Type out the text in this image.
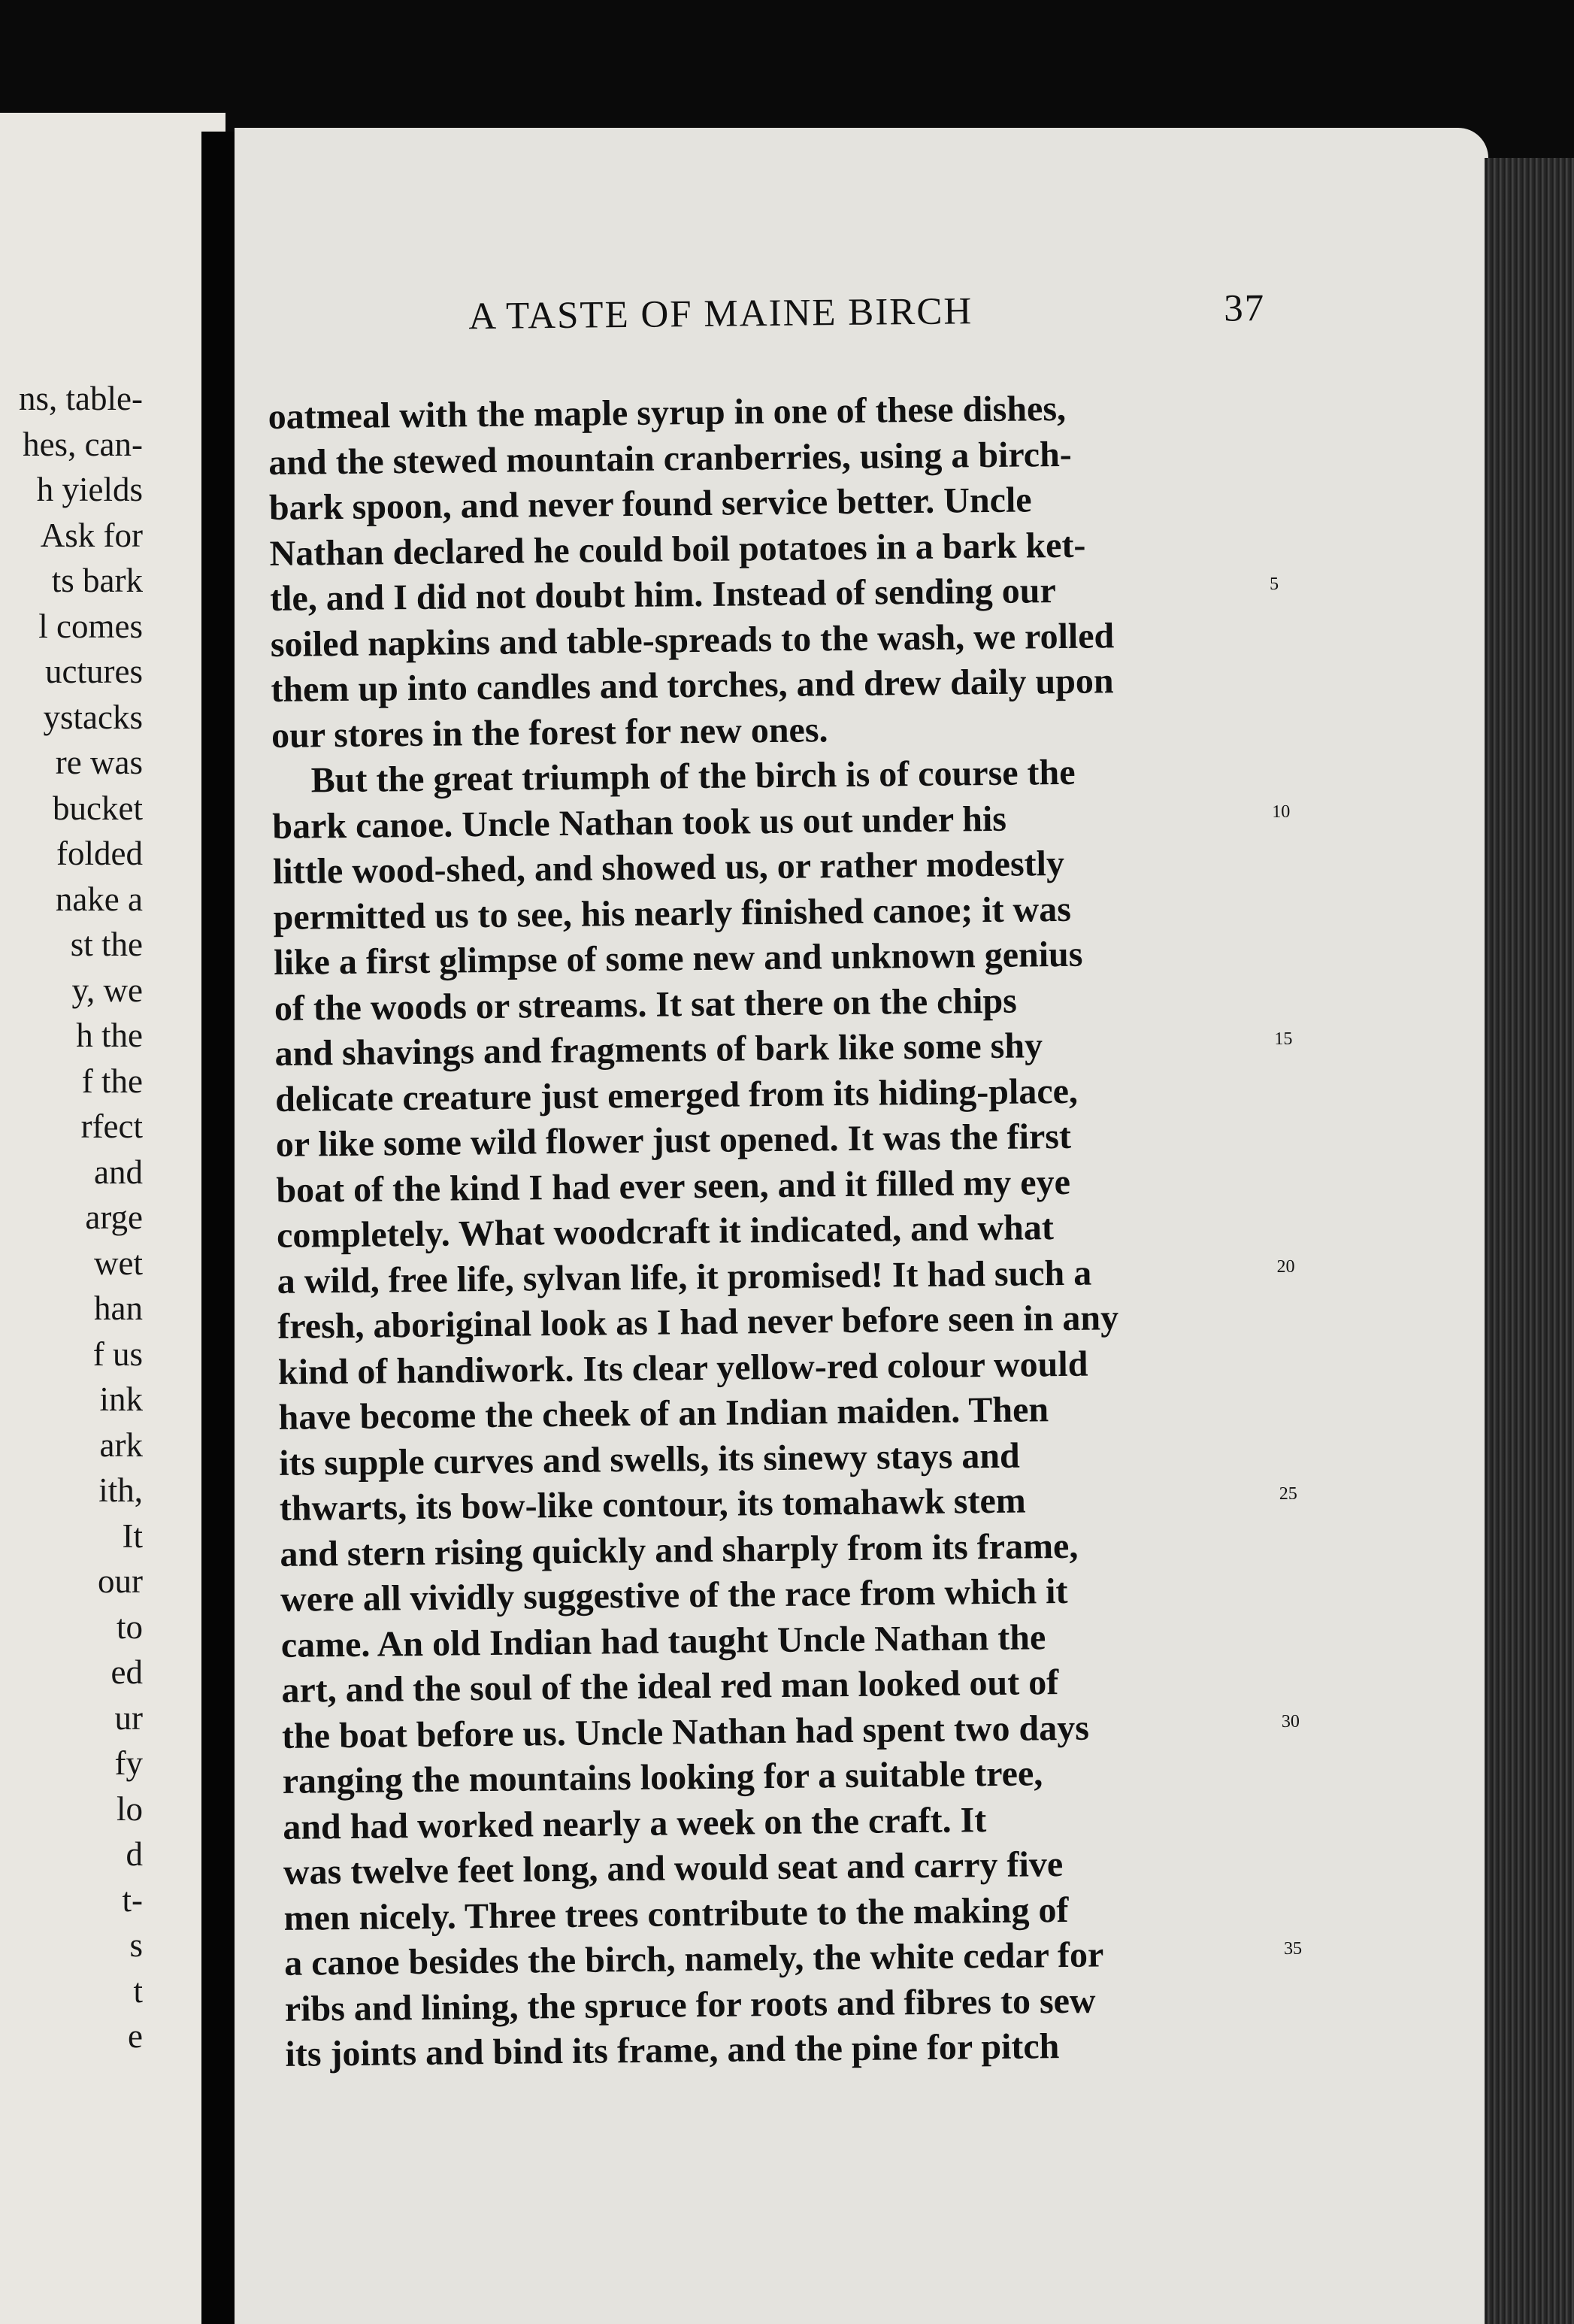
ns, table-
hes, can-
h yields
Ask for
ts bark
l comes
uctures
ystacks
re was
bucket
folded
nake a
st the
y, we
h the
f the
rfect
and
arge
wet
han
f us
ink
ark
ith,
It
our
to
ed
ur
fy
lo
d
t-
s
t
e
A TASTE OF MAINE BIRCH	37
oatmeal with the maple syrup in one of these dishes,
and the stewed mountain cranberries, using a birch-
bark spoon, and never found service better. Uncle
Nathan declared he could boil potatoes in a bark ket-
tle, and I did not doubt him. Instead of sending our	5
soiled napkins and table-spreads to the wash, we rolled
them up into candles and torches, and drew daily upon
our stores in the forest for new ones.
But the great triumph of the birch is of course the
bark canoe. Uncle Nathan took us out under his	10
little wood-shed, and showed us, or rather modestly
permitted us to see, his nearly finished canoe; it was
like a first glimpse of some new and unknown genius
of the woods or streams. It sat there on the chips
and shavings and fragments of bark like some shy	15
delicate creature just emerged from its hiding-place,
or like some wild flower just opened. It was the first
boat of the kind I had ever seen, and it filled my eye
completely. What woodcraft it indicated, and what
a wild, free life, sylvan life, it promised! It had such a	20
fresh, aboriginal look as I had never before seen in any
kind of handiwork. Its clear yellow-red colour would
have become the cheek of an Indian maiden. Then
its supple curves and swells, its sinewy stays and
thwarts, its bow-like contour, its tomahawk stem	25
and stern rising quickly and sharply from its frame,
were all vividly suggestive of the race from which it
came. An old Indian had taught Uncle Nathan the
art, and the soul of the ideal red man looked out of
the boat before us. Uncle Nathan had spent two days	30
ranging the mountains looking for a suitable tree,
and had worked nearly a week on the craft. It
was twelve feet long, and would seat and carry five
men nicely. Three trees contribute to the making of
a canoe besides the birch, namely, the white cedar for	35
ribs and lining, the spruce for roots and fibres to sew
its joints and bind its frame, and the pine for pitch
